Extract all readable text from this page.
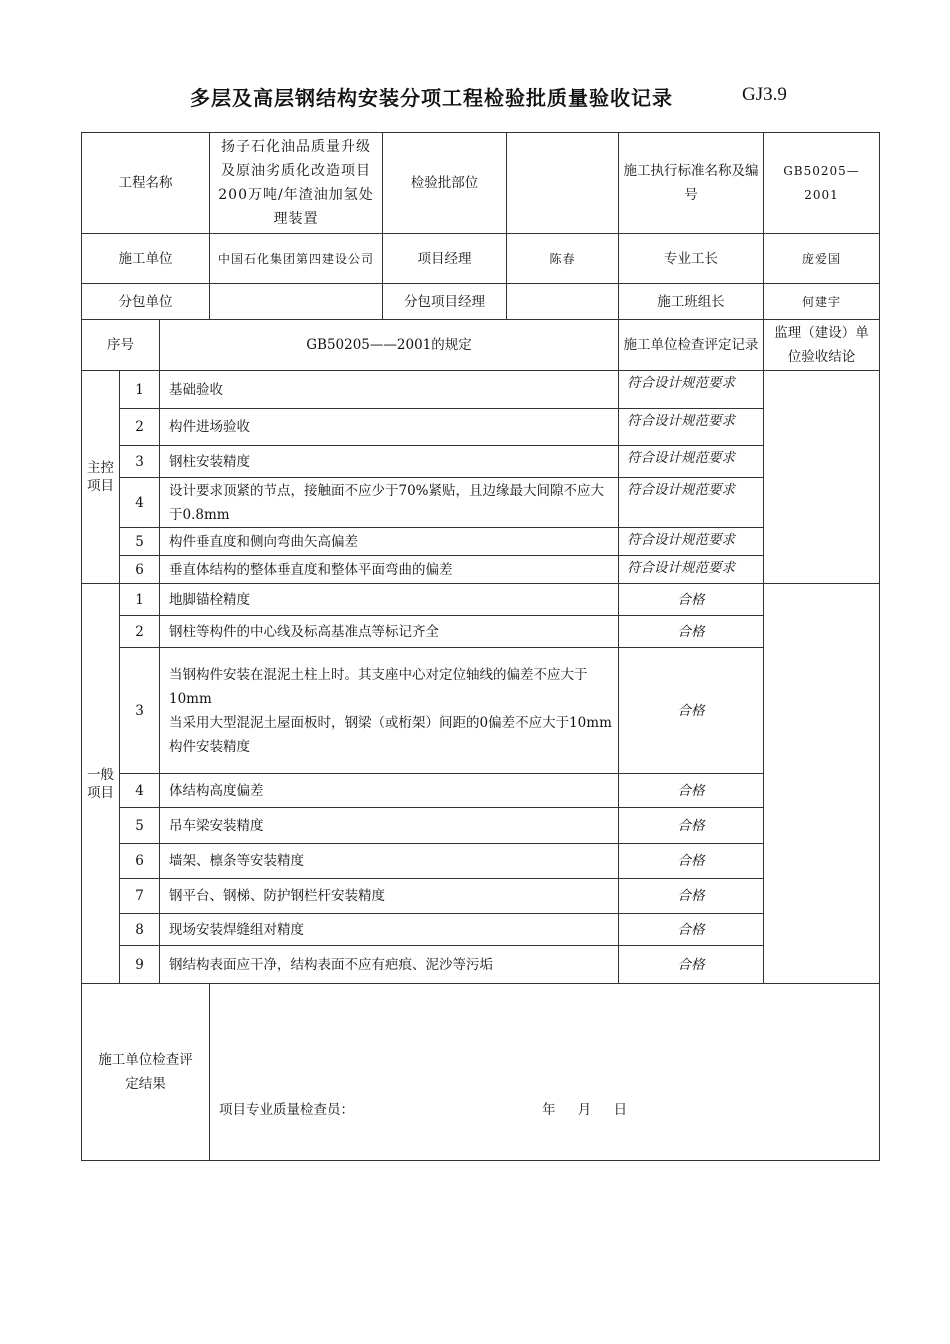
多层及高层钢结构安装分项工程检验批质量验收记录	GJ3.9
工程名称			扬子石化油品质量升级及原油劣质化改造项目200万吨/年渣油加氢处理装置	检验批部位		施工执行标准名称及编号	GB50205—2001
施工单位			中国石化集团第四建设公司	项目经理	陈春	专业工长	庞爱国
分包单位				分包项目经理		施工班组长	何建宇
序号		GB50205——2001的规定				施工单位检查评定记录	监理（建设）单位验收结论
主控项目	1	基础验收				符合设计规范要求	
	2	构件进场验收				符合设计规范要求	
	3	钢柱安装精度				符合设计规范要求	
	4	设计要求顶紧的节点，接触面不应少于70%紧贴，且边缘最大间隙不应大于0.8mm				符合设计规范要求	
	5	构件垂直度和侧向弯曲矢高偏差				符合设计规范要求	
	6	垂直体结构的整体垂直度和整体平面弯曲的偏差				符合设计规范要求	
一般项目	1	地脚锚栓精度				合格	
	2	钢柱等构件的中心线及标高基准点等标记齐全				合格	
	3	当钢构件安装在混泥土柱上时。其支座中心对定位轴线的偏差不应大于10mm
当采用大型混泥土屋面板时，钢梁（或桁架）间距的0偏差不应大于10mm
构件安装精度				合格	
	4	体结构高度偏差				合格	
	5	吊车梁安装精度				合格	
	6	墙架、檩条等安装精度				合格	
	7	钢平台、钢梯、防护钢栏杆安装精度				合格	
	8	现场安装焊缝组对精度				合格	
	9	钢结构表面应干净，结构表面不应有疤痕、泥沙等污垢				合格	
施工单位检查评定结果			项目专业质量检查员： 年 月 日				
